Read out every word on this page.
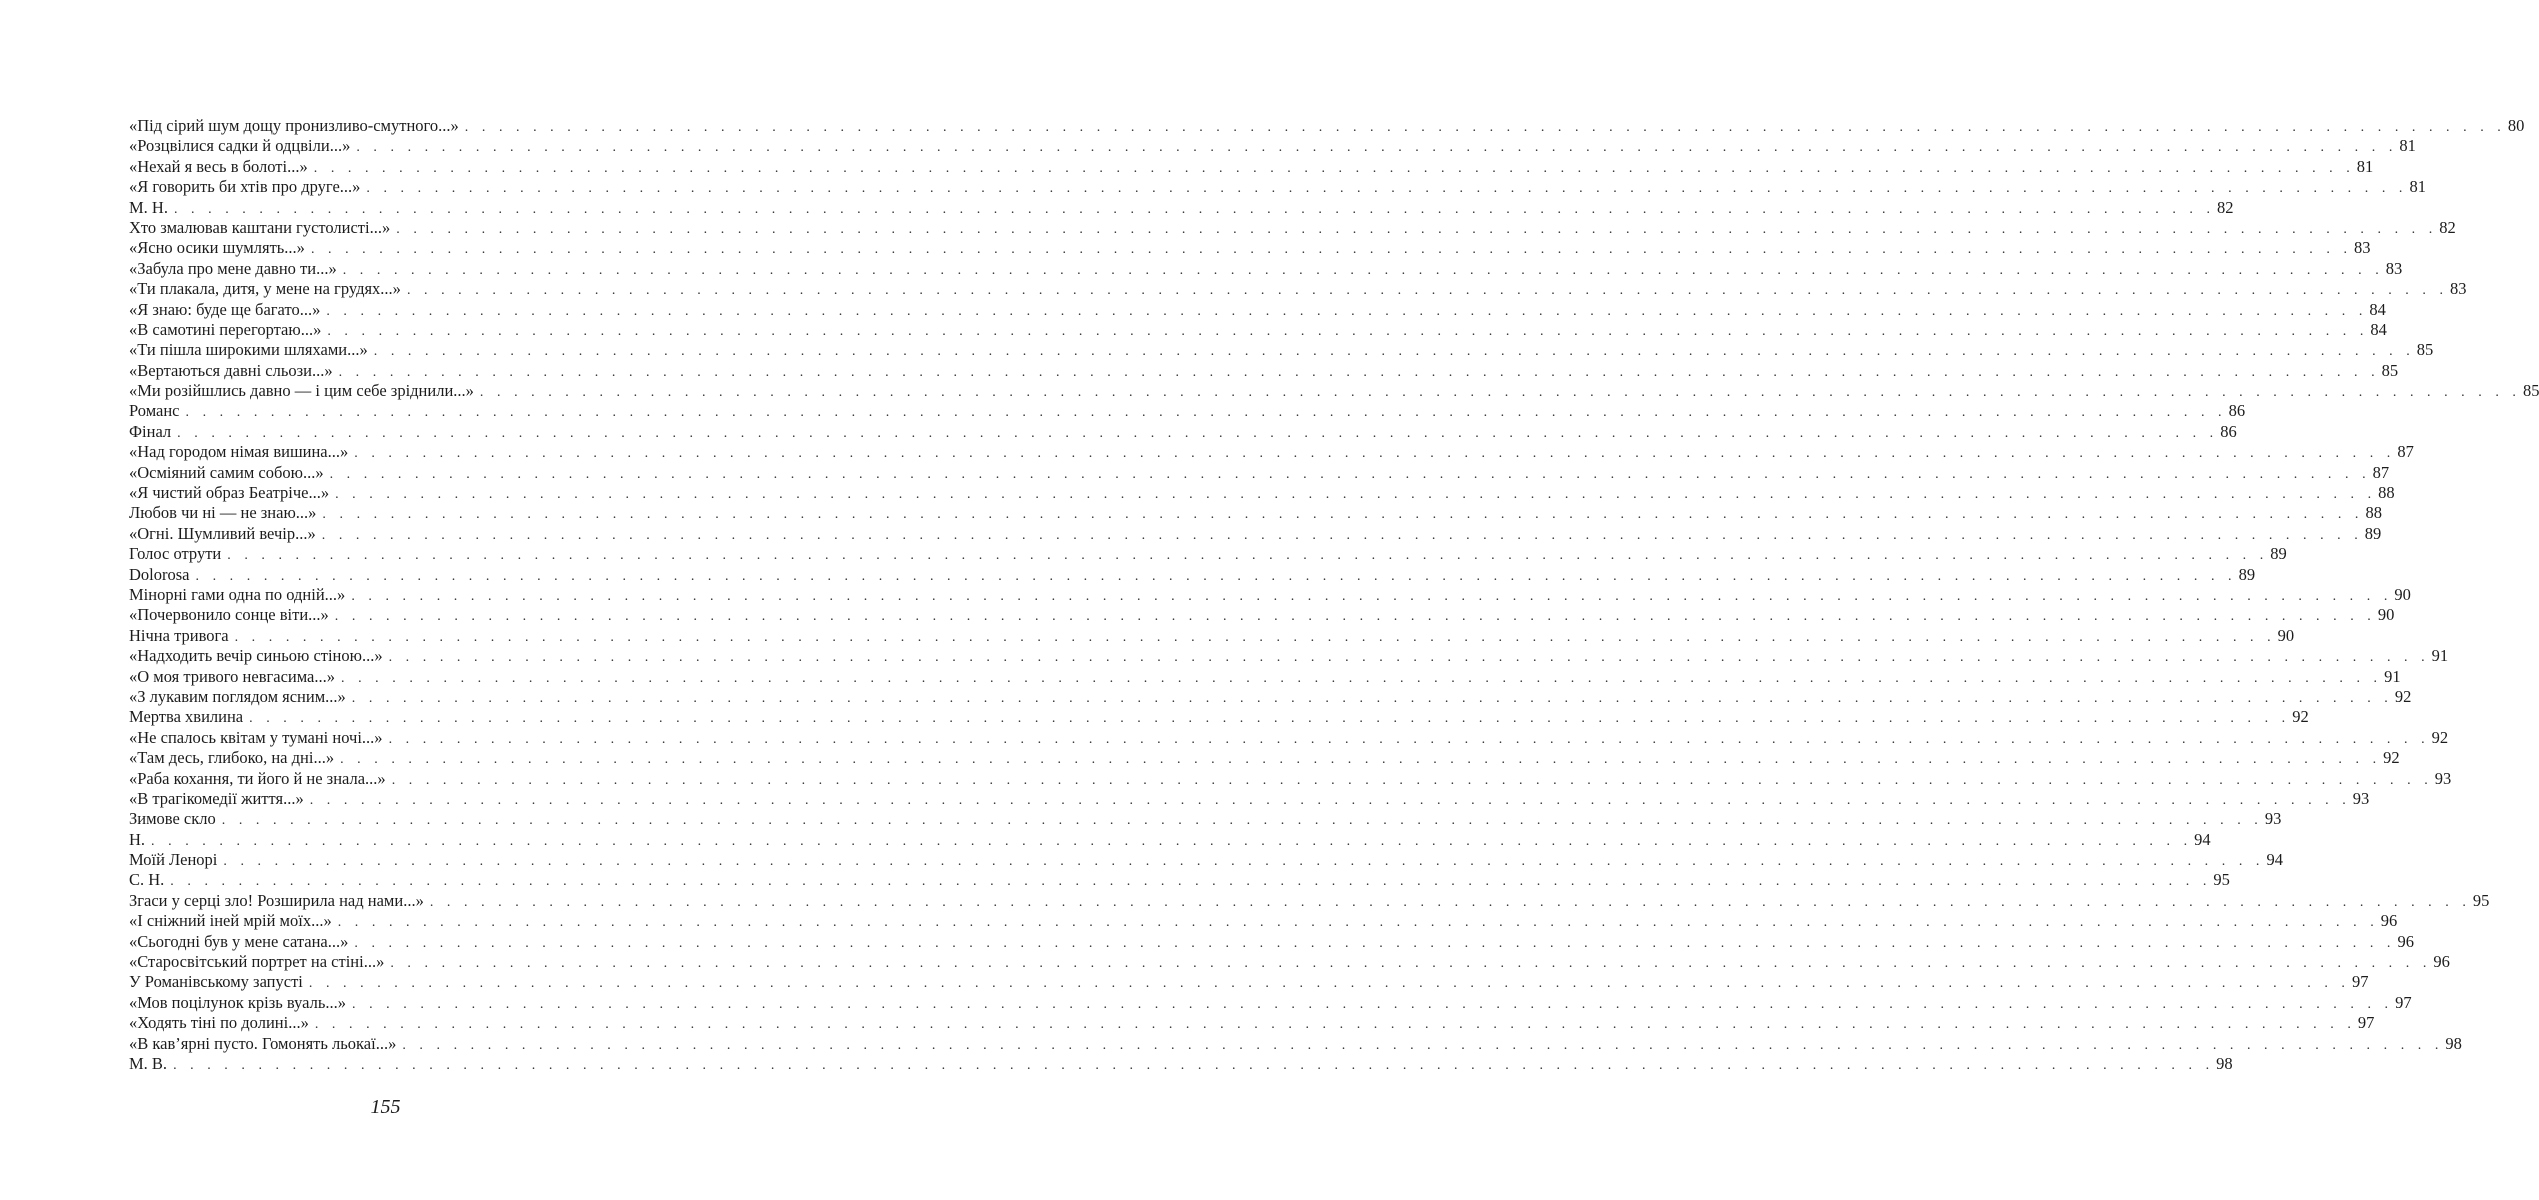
«Під сірий шум дощу пронизливо-смутного...» . . . . . . . . . . . . . . . . . . . . . . . . . . . . . . . . . . . . . . . . . . . . . . . . . . . . . . . . . . . . . . . . . . . . . . . . . . . . . . . . . . . . . . . . . . . . . . . . . . . . . . . . . . . . . . . . . . . . . . . . 80
«Розцвілися садки й одцвіли...» . . . . . . . . . . . . . . . . . . . . . . . . . . . . . . . . . . . . . . . . . . . . . . . . . . . . . . . . . . . . . . . . . . . . . . . . . . . . . . . . . . . . . . . . . . . . . . . . . . . . . . . . . . . . . . . . . . . . . . . . 81
«Нехай я весь в болоті...» . . . . . . . . . . . . . . . . . . . . . . . . . . . . . . . . . . . . . . . . . . . . . . . . . . . . . . . . . . . . . . . . . . . . . . . . . . . . . . . . . . . . . . . . . . . . . . . . . . . . . . . . . . . . . . . . . . . . . . . . 81
«Я говорить би хтів про друге...» . . . . . . . . . . . . . . . . . . . . . . . . . . . . . . . . . . . . . . . . . . . . . . . . . . . . . . . . . . . . . . . . . . . . . . . . . . . . . . . . . . . . . . . . . . . . . . . . . . . . . . . . . . . . . . . . . . . . . . . . 81
М. Н. . . . . . . . . . . . . . . . . . . . . . . . . . . . . . . . . . . . . . . . . . . . . . . . . . . . . . . . . . . . . . . . . . . . . . . . . . . . . . . . . . . . . . . . . . . . . . . . . . . . . . . . . . . . . . . . . . . . . . . . . 82
Хто змалював каштани густолисті...» . . . . . . . . . . . . . . . . . . . . . . . . . . . . . . . . . . . . . . . . . . . . . . . . . . . . . . . . . . . . . . . . . . . . . . . . . . . . . . . . . . . . . . . . . . . . . . . . . . . . . . . . . . . . . . . . . . . . . . . . 82
«Ясно осики шумлять...» . . . . . . . . . . . . . . . . . . . . . . . . . . . . . . . . . . . . . . . . . . . . . . . . . . . . . . . . . . . . . . . . . . . . . . . . . . . . . . . . . . . . . . . . . . . . . . . . . . . . . . . . . . . . . . . . . . . . . . . . 83
«Забула про мене давно ти...» . . . . . . . . . . . . . . . . . . . . . . . . . . . . . . . . . . . . . . . . . . . . . . . . . . . . . . . . . . . . . . . . . . . . . . . . . . . . . . . . . . . . . . . . . . . . . . . . . . . . . . . . . . . . . . . . . . . . . . . . 83
«Ти плакала, дитя, у мене на грудях...» . . . . . . . . . . . . . . . . . . . . . . . . . . . . . . . . . . . . . . . . . . . . . . . . . . . . . . . . . . . . . . . . . . . . . . . . . . . . . . . . . . . . . . . . . . . . . . . . . . . . . . . . . . . . . . . . . . . . . . . . 83
«Я знаю: буде ще багато...» . . . . . . . . . . . . . . . . . . . . . . . . . . . . . . . . . . . . . . . . . . . . . . . . . . . . . . . . . . . . . . . . . . . . . . . . . . . . . . . . . . . . . . . . . . . . . . . . . . . . . . . . . . . . . . . . . . . . . . . . 84
«В самотині перегортаю...» . . . . . . . . . . . . . . . . . . . . . . . . . . . . . . . . . . . . . . . . . . . . . . . . . . . . . . . . . . . . . . . . . . . . . . . . . . . . . . . . . . . . . . . . . . . . . . . . . . . . . . . . . . . . . . . . . . . . . . . . 84
«Ти пішла широкими шляхами...» . . . . . . . . . . . . . . . . . . . . . . . . . . . . . . . . . . . . . . . . . . . . . . . . . . . . . . . . . . . . . . . . . . . . . . . . . . . . . . . . . . . . . . . . . . . . . . . . . . . . . . . . . . . . . . . . . . . . . . . . 85
«Вертаються давні сльози...» . . . . . . . . . . . . . . . . . . . . . . . . . . . . . . . . . . . . . . . . . . . . . . . . . . . . . . . . . . . . . . . . . . . . . . . . . . . . . . . . . . . . . . . . . . . . . . . . . . . . . . . . . . . . . . . . . . . . . . . . 85
«Ми розійшлись давно — і цим себе зріднили...» . . . . . . . . . . . . . . . . . . . . . . . . . . . . . . . . . . . . . . . . . . . . . . . . . . . . . . . . . . . . . . . . . . . . . . . . . . . . . . . . . . . . . . . . . . . . . . . . . . . . . . . . . . . . . . . . . . . . . . . . 85
Романс . . . . . . . . . . . . . . . . . . . . . . . . . . . . . . . . . . . . . . . . . . . . . . . . . . . . . . . . . . . . . . . . . . . . . . . . . . . . . . . . . . . . . . . . . . . . . . . . . . . . . . . . . . . . . . . . . . . . . . . . 86
Фінал . . . . . . . . . . . . . . . . . . . . . . . . . . . . . . . . . . . . . . . . . . . . . . . . . . . . . . . . . . . . . . . . . . . . . . . . . . . . . . . . . . . . . . . . . . . . . . . . . . . . . . . . . . . . . . . . . . . . . . . . 86
«Над городом німая вишина...» . . . . . . . . . . . . . . . . . . . . . . . . . . . . . . . . . . . . . . . . . . . . . . . . . . . . . . . . . . . . . . . . . . . . . . . . . . . . . . . . . . . . . . . . . . . . . . . . . . . . . . . . . . . . . . . . . . . . . . . . 87
«Осміяний самим собою...» . . . . . . . . . . . . . . . . . . . . . . . . . . . . . . . . . . . . . . . . . . . . . . . . . . . . . . . . . . . . . . . . . . . . . . . . . . . . . . . . . . . . . . . . . . . . . . . . . . . . . . . . . . . . . . . . . . . . . . . . 87
«Я чистий образ Беатріче...» . . . . . . . . . . . . . . . . . . . . . . . . . . . . . . . . . . . . . . . . . . . . . . . . . . . . . . . . . . . . . . . . . . . . . . . . . . . . . . . . . . . . . . . . . . . . . . . . . . . . . . . . . . . . . . . . . . . . . . . . 88
Любов чи ні — не знаю...» . . . . . . . . . . . . . . . . . . . . . . . . . . . . . . . . . . . . . . . . . . . . . . . . . . . . . . . . . . . . . . . . . . . . . . . . . . . . . . . . . . . . . . . . . . . . . . . . . . . . . . . . . . . . . . . . . . . . . . . . 88
«Огні. Шумливий вечір...» . . . . . . . . . . . . . . . . . . . . . . . . . . . . . . . . . . . . . . . . . . . . . . . . . . . . . . . . . . . . . . . . . . . . . . . . . . . . . . . . . . . . . . . . . . . . . . . . . . . . . . . . . . . . . . . . . . . . . . . . 89
Голос отрути . . . . . . . . . . . . . . . . . . . . . . . . . . . . . . . . . . . . . . . . . . . . . . . . . . . . . . . . . . . . . . . . . . . . . . . . . . . . . . . . . . . . . . . . . . . . . . . . . . . . . . . . . . . . . . . . . . . . . . . . 89
Dolorosa . . . . . . . . . . . . . . . . . . . . . . . . . . . . . . . . . . . . . . . . . . . . . . . . . . . . . . . . . . . . . . . . . . . . . . . . . . . . . . . . . . . . . . . . . . . . . . . . . . . . . . . . . . . . . . . . . . . . . . . . 89
Мінорні гами одна по одній...» . . . . . . . . . . . . . . . . . . . . . . . . . . . . . . . . . . . . . . . . . . . . . . . . . . . . . . . . . . . . . . . . . . . . . . . . . . . . . . . . . . . . . . . . . . . . . . . . . . . . . . . . . . . . . . . . . . . . . . . . 90
«Почервонило сонце віти...» . . . . . . . . . . . . . . . . . . . . . . . . . . . . . . . . . . . . . . . . . . . . . . . . . . . . . . . . . . . . . . . . . . . . . . . . . . . . . . . . . . . . . . . . . . . . . . . . . . . . . . . . . . . . . . . . . . . . . . . . 90
Нічна тривога . . . . . . . . . . . . . . . . . . . . . . . . . . . . . . . . . . . . . . . . . . . . . . . . . . . . . . . . . . . . . . . . . . . . . . . . . . . . . . . . . . . . . . . . . . . . . . . . . . . . . . . . . . . . . . . . . . . . . . . . 90
«Надходить вечір синьою стіною...» . . . . . . . . . . . . . . . . . . . . . . . . . . . . . . . . . . . . . . . . . . . . . . . . . . . . . . . . . . . . . . . . . . . . . . . . . . . . . . . . . . . . . . . . . . . . . . . . . . . . . . . . . . . . . . . . . . . . . . . . 91
«О моя тривого невгасима...» . . . . . . . . . . . . . . . . . . . . . . . . . . . . . . . . . . . . . . . . . . . . . . . . . . . . . . . . . . . . . . . . . . . . . . . . . . . . . . . . . . . . . . . . . . . . . . . . . . . . . . . . . . . . . . . . . . . . . . . . 91
«З лукавим поглядом ясним...» . . . . . . . . . . . . . . . . . . . . . . . . . . . . . . . . . . . . . . . . . . . . . . . . . . . . . . . . . . . . . . . . . . . . . . . . . . . . . . . . . . . . . . . . . . . . . . . . . . . . . . . . . . . . . . . . . . . . . . . . 92
Мертва хвилина . . . . . . . . . . . . . . . . . . . . . . . . . . . . . . . . . . . . . . . . . . . . . . . . . . . . . . . . . . . . . . . . . . . . . . . . . . . . . . . . . . . . . . . . . . . . . . . . . . . . . . . . . . . . . . . . . . . . . . . . 92
«Не спалось квітам у тумані ночі...» . . . . . . . . . . . . . . . . . . . . . . . . . . . . . . . . . . . . . . . . . . . . . . . . . . . . . . . . . . . . . . . . . . . . . . . . . . . . . . . . . . . . . . . . . . . . . . . . . . . . . . . . . . . . . . . . . . . . . . . . 92
«Там десь, глибоко, на дні...» . . . . . . . . . . . . . . . . . . . . . . . . . . . . . . . . . . . . . . . . . . . . . . . . . . . . . . . . . . . . . . . . . . . . . . . . . . . . . . . . . . . . . . . . . . . . . . . . . . . . . . . . . . . . . . . . . . . . . . . . 92
«Раба кохання, ти його й не знала...» . . . . . . . . . . . . . . . . . . . . . . . . . . . . . . . . . . . . . . . . . . . . . . . . . . . . . . . . . . . . . . . . . . . . . . . . . . . . . . . . . . . . . . . . . . . . . . . . . . . . . . . . . . . . . . . . . . . . . . . . 93
«В трагікомедії життя...» . . . . . . . . . . . . . . . . . . . . . . . . . . . . . . . . . . . . . . . . . . . . . . . . . . . . . . . . . . . . . . . . . . . . . . . . . . . . . . . . . . . . . . . . . . . . . . . . . . . . . . . . . . . . . . . . . . . . . . . . 93
Зимове скло . . . . . . . . . . . . . . . . . . . . . . . . . . . . . . . . . . . . . . . . . . . . . . . . . . . . . . . . . . . . . . . . . . . . . . . . . . . . . . . . . . . . . . . . . . . . . . . . . . . . . . . . . . . . . . . . . . . . . . . . 93
Н. . . . . . . . . . . . . . . . . . . . . . . . . . . . . . . . . . . . . . . . . . . . . . . . . . . . . . . . . . . . . . . . . . . . . . . . . . . . . . . . . . . . . . . . . . . . . . . . . . . . . . . . . . . . . . . . . . . . . . . . . 94
Моїй Ленорі . . . . . . . . . . . . . . . . . . . . . . . . . . . . . . . . . . . . . . . . . . . . . . . . . . . . . . . . . . . . . . . . . . . . . . . . . . . . . . . . . . . . . . . . . . . . . . . . . . . . . . . . . . . . . . . . . . . . . . . . 94
С. Н. . . . . . . . . . . . . . . . . . . . . . . . . . . . . . . . . . . . . . . . . . . . . . . . . . . . . . . . . . . . . . . . . . . . . . . . . . . . . . . . . . . . . . . . . . . . . . . . . . . . . . . . . . . . . . . . . . . . . . . . . 95
Згаси у серці зло! Розширила над нами...» . . . . . . . . . . . . . . . . . . . . . . . . . . . . . . . . . . . . . . . . . . . . . . . . . . . . . . . . . . . . . . . . . . . . . . . . . . . . . . . . . . . . . . . . . . . . . . . . . . . . . . . . . . . . . . . . . . . . . . . . 95
«І сніжний іней мрій моїх...» . . . . . . . . . . . . . . . . . . . . . . . . . . . . . . . . . . . . . . . . . . . . . . . . . . . . . . . . . . . . . . . . . . . . . . . . . . . . . . . . . . . . . . . . . . . . . . . . . . . . . . . . . . . . . . . . . . . . . . . . 96
«Сьогодні був у мене сатана...» . . . . . . . . . . . . . . . . . . . . . . . . . . . . . . . . . . . . . . . . . . . . . . . . . . . . . . . . . . . . . . . . . . . . . . . . . . . . . . . . . . . . . . . . . . . . . . . . . . . . . . . . . . . . . . . . . . . . . . . . 96
«Старосвітський портрет на стіні...» . . . . . . . . . . . . . . . . . . . . . . . . . . . . . . . . . . . . . . . . . . . . . . . . . . . . . . . . . . . . . . . . . . . . . . . . . . . . . . . . . . . . . . . . . . . . . . . . . . . . . . . . . . . . . . . . . . . . . . . . 96
У Романівському запусті . . . . . . . . . . . . . . . . . . . . . . . . . . . . . . . . . . . . . . . . . . . . . . . . . . . . . . . . . . . . . . . . . . . . . . . . . . . . . . . . . . . . . . . . . . . . . . . . . . . . . . . . . . . . . . . . . . . . . . . . 97
«Мов поцілунок крізь вуаль...» . . . . . . . . . . . . . . . . . . . . . . . . . . . . . . . . . . . . . . . . . . . . . . . . . . . . . . . . . . . . . . . . . . . . . . . . . . . . . . . . . . . . . . . . . . . . . . . . . . . . . . . . . . . . . . . . . . . . . . . . 97
«Ходять тіні по долині...» . . . . . . . . . . . . . . . . . . . . . . . . . . . . . . . . . . . . . . . . . . . . . . . . . . . . . . . . . . . . . . . . . . . . . . . . . . . . . . . . . . . . . . . . . . . . . . . . . . . . . . . . . . . . . . . . . . . . . . . . 97
«В кав’ярні пусто. Гомонять льокаї...» . . . . . . . . . . . . . . . . . . . . . . . . . . . . . . . . . . . . . . . . . . . . . . . . . . . . . . . . . . . . . . . . . . . . . . . . . . . . . . . . . . . . . . . . . . . . . . . . . . . . . . . . . . . . . . . . . . . . . . . . 98
М. В. . . . . . . . . . . . . . . . . . . . . . . . . . . . . . . . . . . . . . . . . . . . . . . . . . . . . . . . . . . . . . . . . . . . . . . . . . . . . . . . . . . . . . . . . . . . . . . . . . . . . . . . . . . . . . . . . . . . . . . . . 98
155
